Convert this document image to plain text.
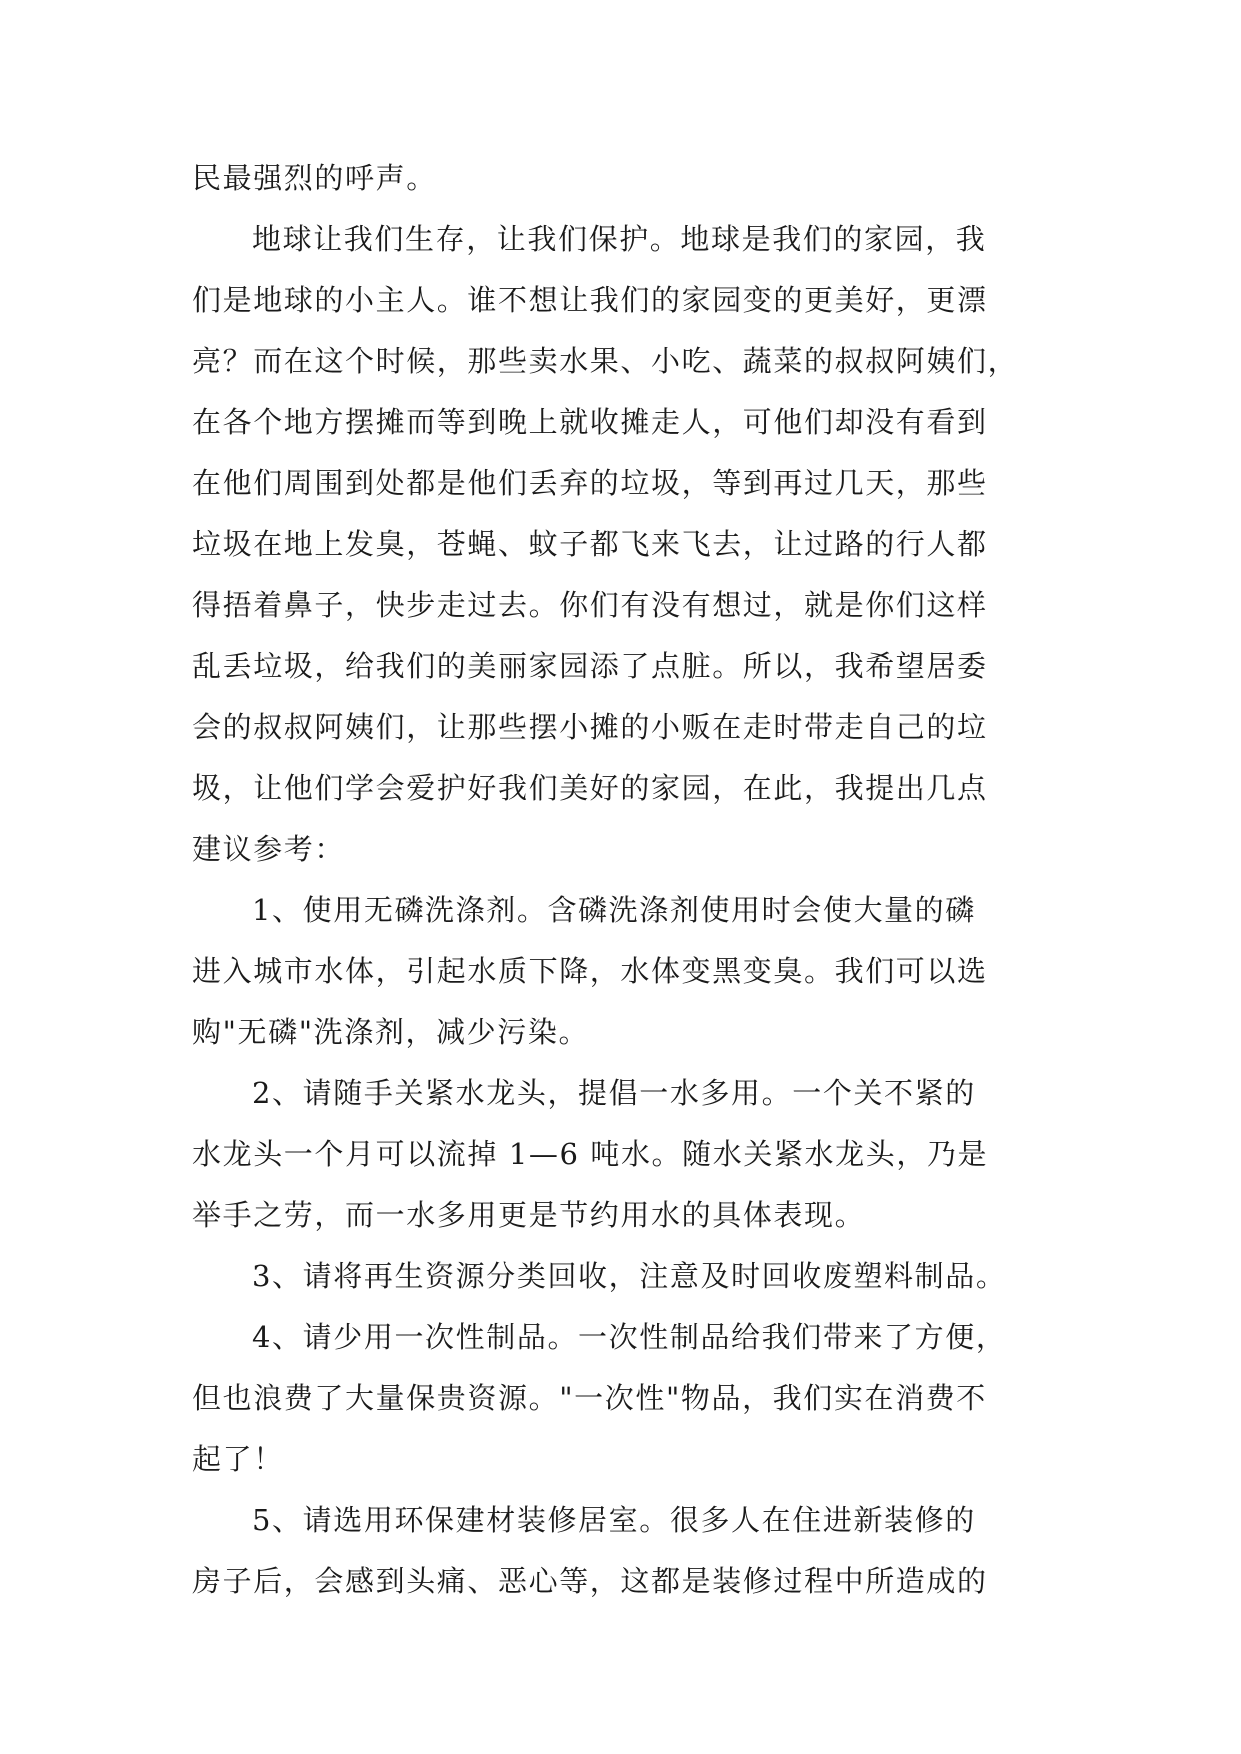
民最强烈的呼声。
地球让我们生存，让我们保护。地球是我们的家园，我
们是地球的小主人。谁不想让我们的家园变的更美好，更漂
亮？而在这个时候，那些卖水果、小吃、蔬菜的叔叔阿姨们，
在各个地方摆摊而等到晚上就收摊走人，可他们却没有看到
在他们周围到处都是他们丢弃的垃圾，等到再过几天，那些
垃圾在地上发臭，苍蝇、蚊子都飞来飞去，让过路的行人都
得捂着鼻子，快步走过去。你们有没有想过，就是你们这样
乱丢垃圾，给我们的美丽家园添了点脏。所以，我希望居委
会的叔叔阿姨们，让那些摆小摊的小贩在走时带走自己的垃
圾，让他们学会爱护好我们美好的家园，在此，我提出几点
建议参考：
1、使用无磷洗涤剂。含磷洗涤剂使用时会使大量的磷
进入城市水体，引起水质下降，水体变黑变臭。我们可以选
购"无磷"洗涤剂，减少污染。
2、请随手关紧水龙头，提倡一水多用。一个关不紧的
水龙头一个月可以流掉 1—6 吨水。随水关紧水龙头，乃是
举手之劳，而一水多用更是节约用水的具体表现。
3、请将再生资源分类回收，注意及时回收废塑料制品。
4、请少用一次性制品。一次性制品给我们带来了方便，
但也浪费了大量保贵资源。"一次性"物品，我们实在消费不
起了！
5、请选用环保建材装修居室。很多人在住进新装修的
房子后，会感到头痛、恶心等，这都是装修过程中所造成的
